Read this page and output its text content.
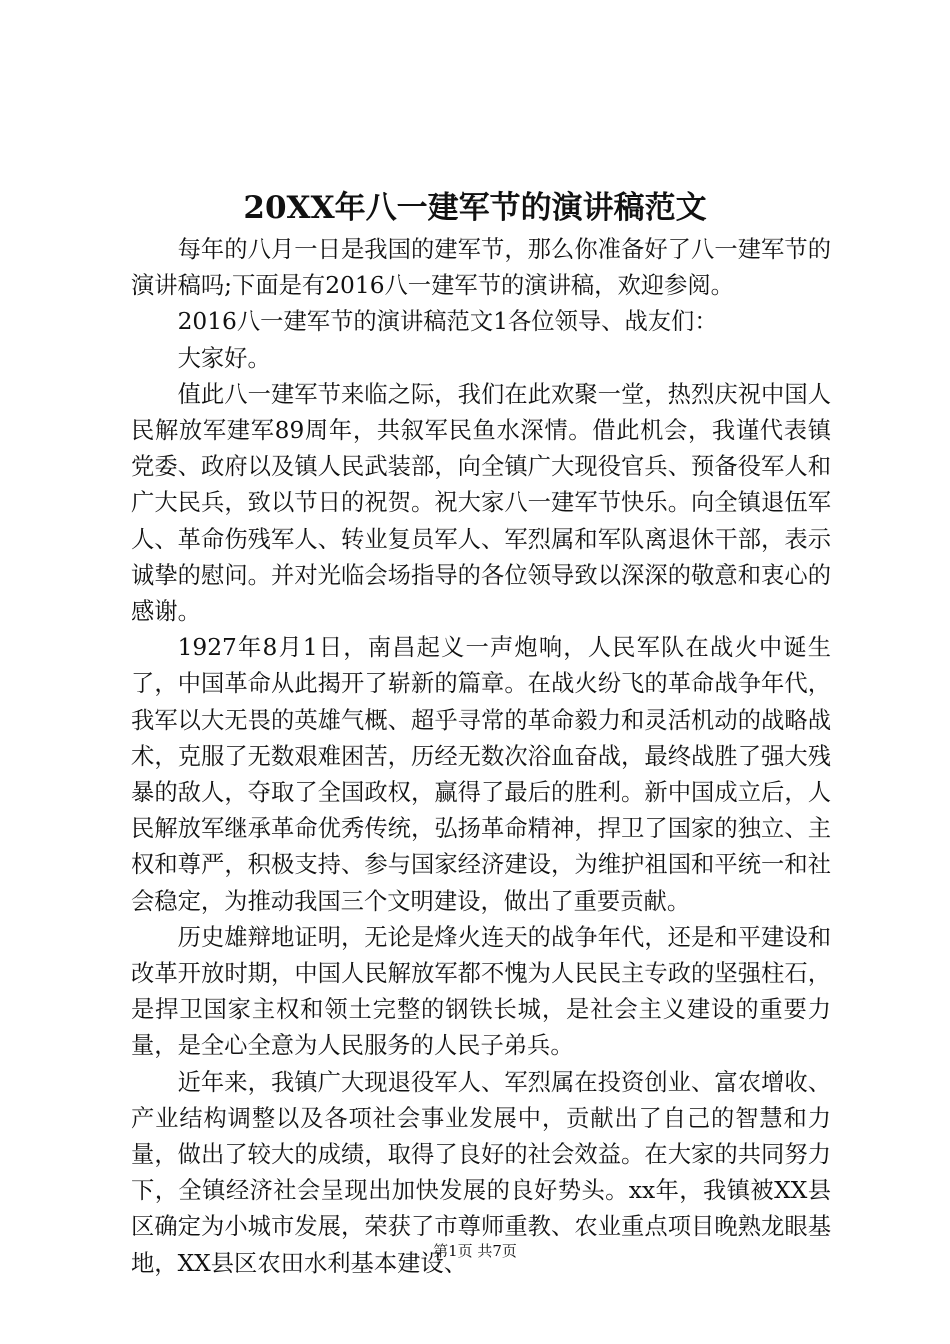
20XX年八一建军节的演讲稿范文

每年的八月一日是我国的建军节，那么你准备好了八一建军节的演讲稿吗;下面是有2016八一建军节的演讲稿，欢迎参阅。

2016八一建军节的演讲稿范文1各位领导、战友们：

大家好。

值此八一建军节来临之际，我们在此欢聚一堂，热烈庆祝中国人民解放军建军89周年，共叙军民鱼水深情。借此机会，我谨代表镇党委、政府以及镇人民武装部，向全镇广大现役官兵、预备役军人和广大民兵，致以节日的祝贺。祝大家八一建军节快乐。向全镇退伍军人、革命伤残军人、转业复员军人、军烈属和军队离退休干部，表示诚挚的慰问。并对光临会场指导的各位领导致以深深的敬意和衷心的感谢。

1927年8月1日，南昌起义一声炮响，人民军队在战火中诞生了，中国革命从此揭开了崭新的篇章。在战火纷飞的革命战争年代，我军以大无畏的英雄气概、超乎寻常的革命毅力和灵活机动的战略战术，克服了无数艰难困苦，历经无数次浴血奋战，最终战胜了强大残暴的敌人，夺取了全国政权，赢得了最后的胜利。新中国成立后，人民解放军继承革命优秀传统，弘扬革命精神，捍卫了国家的独立、主权和尊严，积极支持、参与国家经济建设，为维护祖国和平统一和社会稳定，为推动我国三个文明建设，做出了重要贡献。

历史雄辩地证明，无论是烽火连天的战争年代，还是和平建设和改革开放时期，中国人民解放军都不愧为人民民主专政的坚强柱石，是捍卫国家主权和领土完整的钢铁长城，是社会主义建设的重要力量，是全心全意为人民服务的人民子弟兵。

近年来，我镇广大现退役军人、军烈属在投资创业、富农增收、产业结构调整以及各项社会事业发展中，贡献出了自己的智慧和力量，做出了较大的成绩，取得了良好的社会效益。在大家的共同努力下，全镇经济社会呈现出加快发展的良好势头。xx年，我镇被XX县区确定为小城市发展，荣获了市尊师重教、农业重点项目晚熟龙眼基地，XX县区农田水利基本建设、

第1页 共7页
